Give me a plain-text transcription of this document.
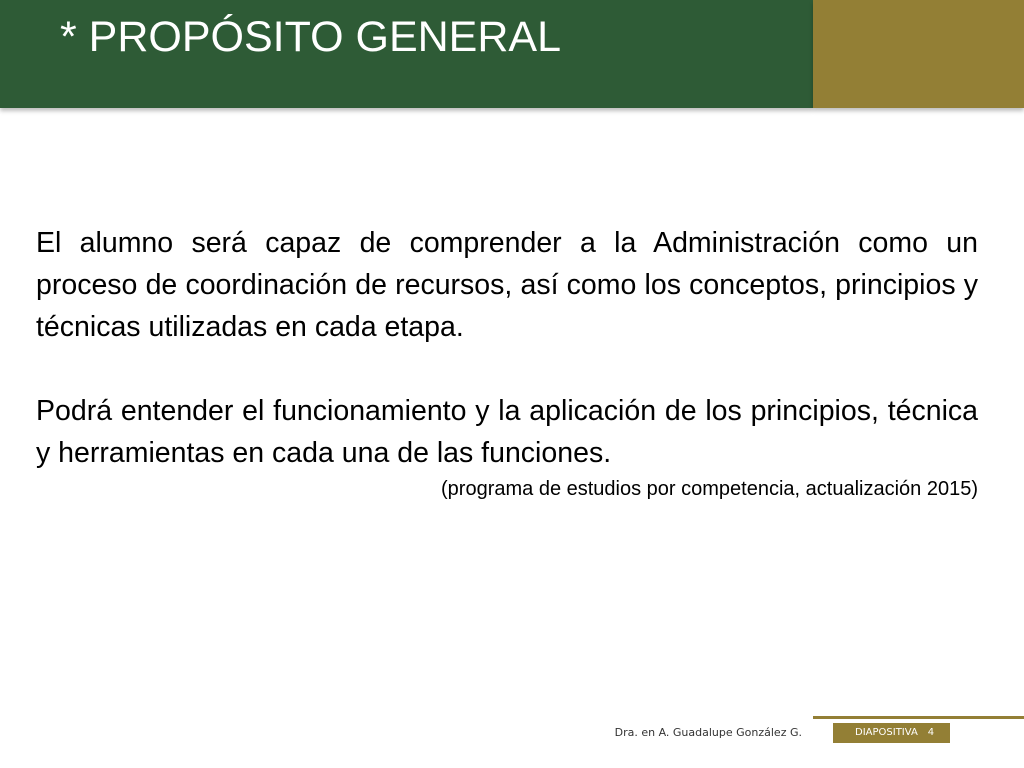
* PROPÓSITO GENERAL

El alumno será capaz de comprender a la Administración como un proceso de coordinación de recursos, así como los conceptos, principios y técnicas utilizadas en cada etapa.

Podrá entender el funcionamiento y la aplicación de los principios, técnica y herramientas en cada una de las funciones.

(programa de estudios por competencia, actualización 2015)

Dra. en A. Guadalupe González G.	DIAPOSITIVA 4
